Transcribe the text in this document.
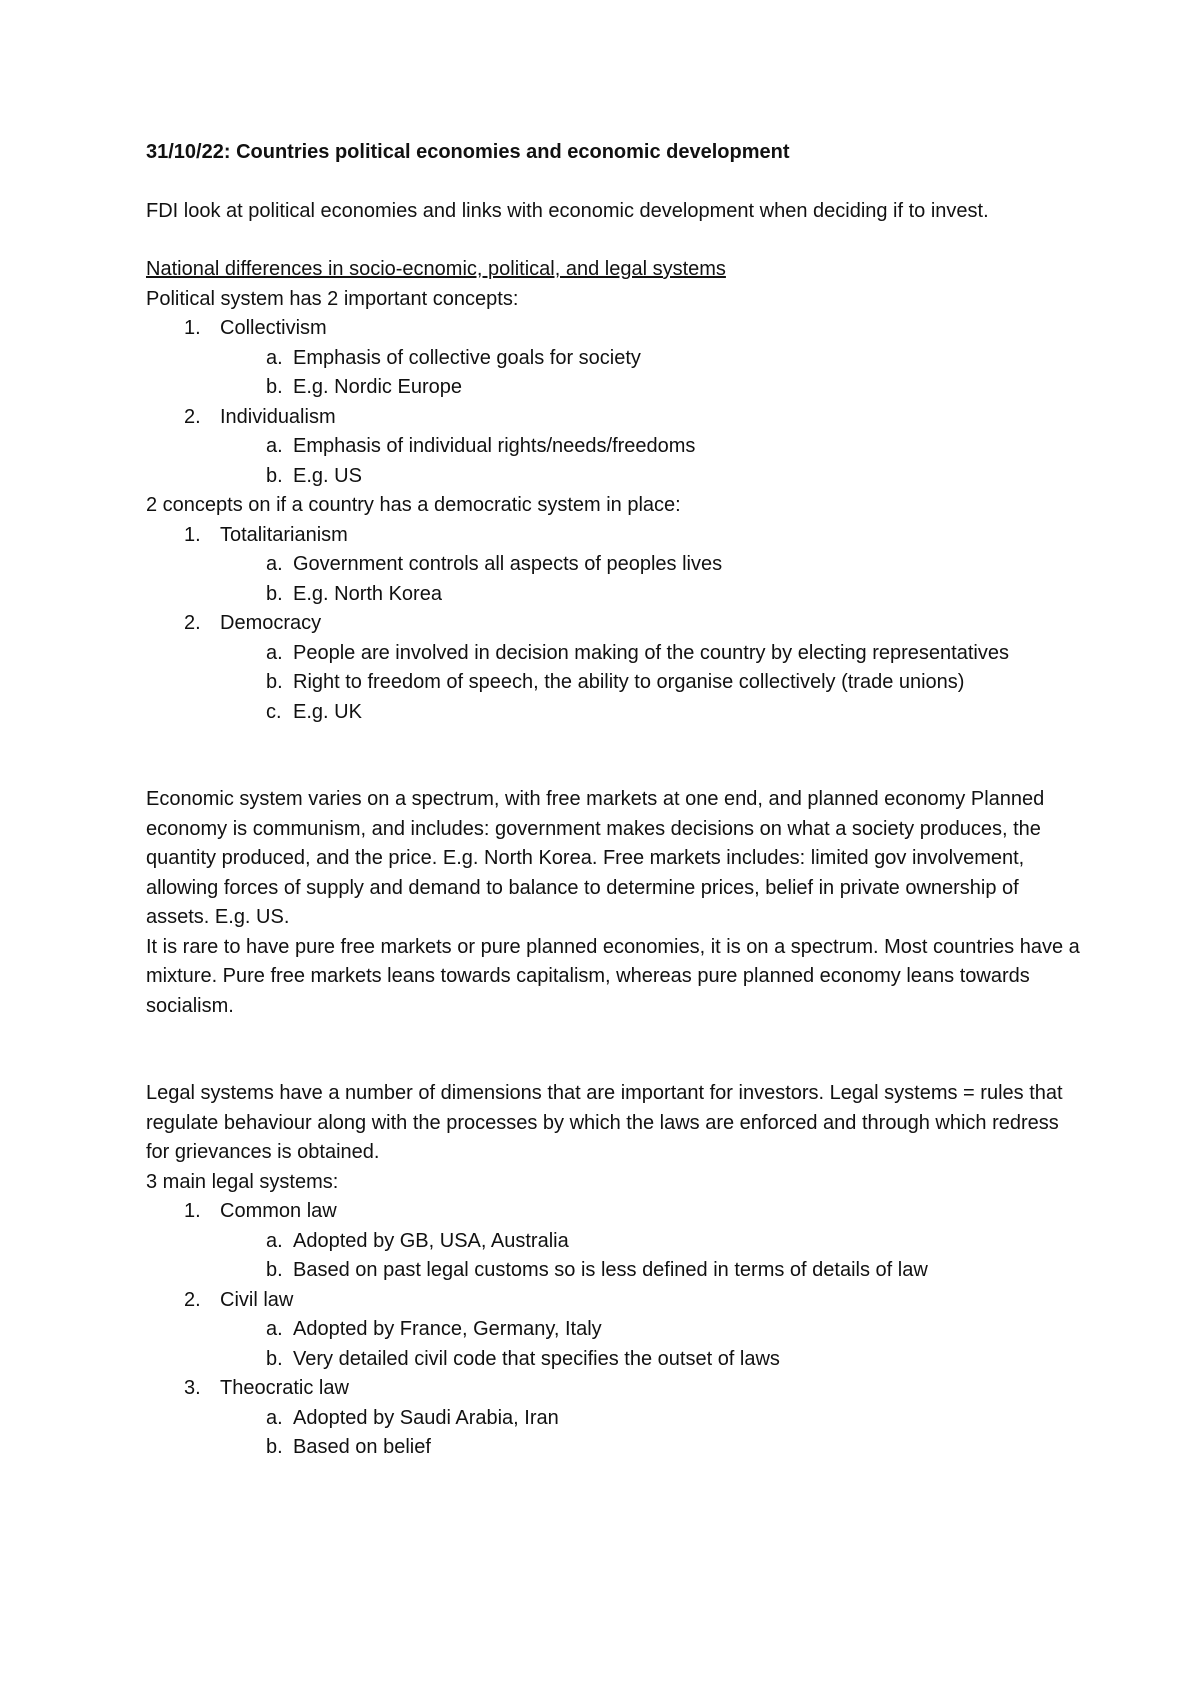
31/10/22: Countries political economies and economic development

FDI look at political economies and links with economic development when deciding if to invest.

National differences in socio-ecnomic, political, and legal systems

Political system has 2 important concepts:

1. Collectivism
a. Emphasis of collective goals for society
b. E.g. Nordic Europe
2. Individualism
a. Emphasis of individual rights/needs/freedoms
b. E.g. US

2 concepts on if a country has a democratic system in place:

1. Totalitarianism
a. Government controls all aspects of peoples lives
b. E.g. North Korea
2. Democracy
a. People are involved in decision making of the country by electing representatives
b. Right to freedom of speech, the ability to organise collectively (trade unions)
c. E.g. UK

Economic system varies on a spectrum, with free markets at one end, and planned economy Planned economy is communism, and includes: government makes decisions on what a society produces, the quantity produced, and the price. E.g. North Korea. Free markets includes: limited gov involvement, allowing forces of supply and demand to balance to determine prices, belief in private ownership of assets. E.g. US.

It is rare to have pure free markets or pure planned economies, it is on a spectrum. Most countries have a mixture. Pure free markets leans towards capitalism, whereas pure planned economy leans towards socialism.

Legal systems have a number of dimensions that are important for investors. Legal systems = rules that regulate behaviour along with the processes by which the laws are enforced and through which redress for grievances is obtained.

3 main legal systems:

1. Common law
a. Adopted by GB, USA, Australia
b. Based on past legal customs so is less defined in terms of details of law
2. Civil law
a. Adopted by France, Germany, Italy
b. Very detailed civil code that specifies the outset of laws
3. Theocratic law
a. Adopted by Saudi Arabia, Iran
b. Based on belief
